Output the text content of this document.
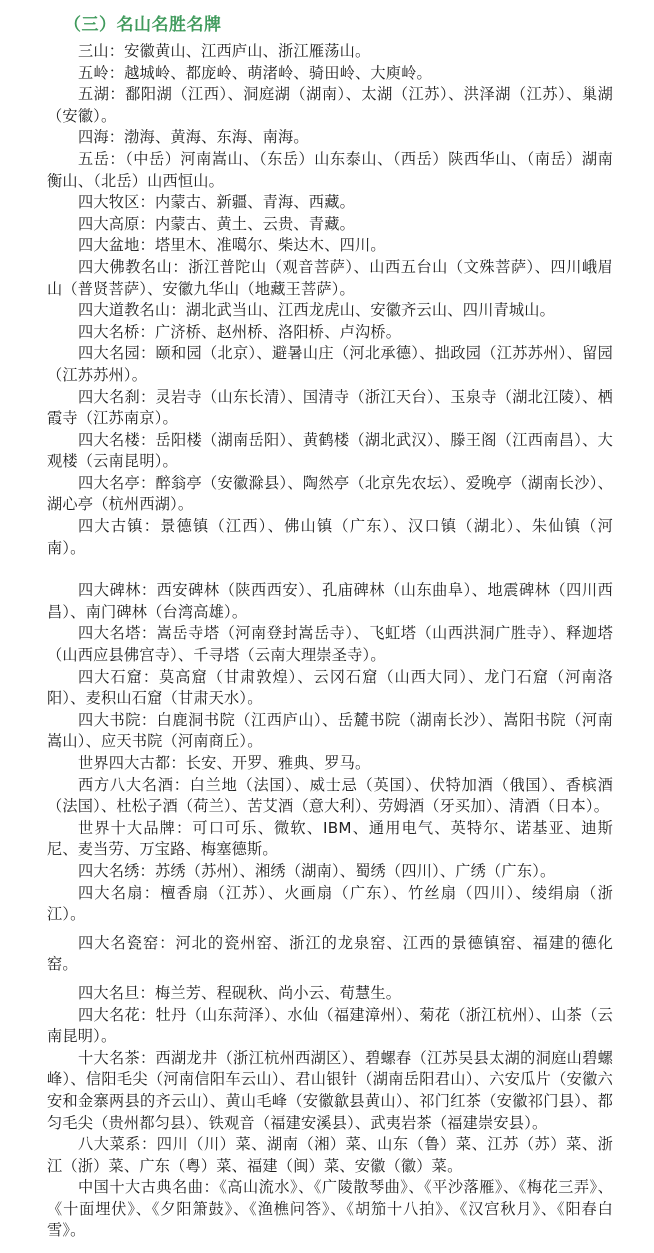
（三）名山名胜名牌

三山：安徽黄山、江西庐山、浙江雁荡山。

五岭：越城岭、都庞岭、萌渚岭、骑田岭、大庾岭。

五湖：鄱阳湖（江西）、洞庭湖（湖南）、太湖（江苏）、洪泽湖（江苏）、巢湖（安徽）。

四海：渤海、黄海、东海、南海。

五岳：（中岳）河南嵩山、（东岳）山东泰山、（西岳）陕西华山、（南岳）湖南衡山、（北岳）山西恒山。

四大牧区：内蒙古、新疆、青海、西藏。

四大高原：内蒙古、黄土、云贵、青藏。

四大盆地：塔里木、准噶尔、柴达木、四川。

四大佛教名山：浙江普陀山（观音菩萨）、山西五台山（文殊菩萨）、四川峨眉山（普贤菩萨）、安徽九华山（地藏王菩萨）。

四大道教名山：湖北武当山、江西龙虎山、安徽齐云山、四川青城山。

四大名桥：广济桥、赵州桥、洛阳桥、卢沟桥。

四大名园：颐和园（北京）、避暑山庄（河北承德）、拙政园（江苏苏州）、留园（江苏苏州）。

四大名刹：灵岩寺（山东长清）、国清寺（浙江天台）、玉泉寺（湖北江陵）、栖霞寺（江苏南京）。

四大名楼：岳阳楼（湖南岳阳）、黄鹤楼（湖北武汉）、滕王阁（江西南昌）、大观楼（云南昆明）。

四大名亭：醉翁亭（安徽滁县）、陶然亭（北京先农坛）、爱晚亭（湖南长沙）、湖心亭（杭州西湖）。

四大古镇：景德镇（江西）、佛山镇（广东）、汉口镇（湖北）、朱仙镇（河南）。

四大碑林：西安碑林（陕西西安）、孔庙碑林（山东曲阜）、地震碑林（四川西昌）、南门碑林（台湾高雄）。

四大名塔：嵩岳寺塔（河南登封嵩岳寺）、飞虹塔（山西洪洞广胜寺）、释迦塔（山西应县佛宫寺）、千寻塔（云南大理崇圣寺）。

四大石窟：莫高窟（甘肃敦煌）、云冈石窟（山西大同）、龙门石窟（河南洛阳）、麦积山石窟（甘肃天水）。

四大书院：白鹿洞书院（江西庐山）、岳麓书院（湖南长沙）、嵩阳书院（河南嵩山）、应天书院（河南商丘）。

世界四大古都：长安、开罗、雅典、罗马。

西方八大名酒：白兰地（法国）、威士忌（英国）、伏特加酒（俄国）、香槟酒（法国）、杜松子酒（荷兰）、苦艾酒（意大利）、劳姆酒（牙买加）、清酒（日本）。

世界十大品牌：可口可乐、微软、IBM、通用电气、英特尔、诺基亚、迪斯尼、麦当劳、万宝路、梅塞德斯。

四大名绣：苏绣（苏州）、湘绣（湖南）、蜀绣（四川）、广绣（广东）。

四大名扇：檀香扇（江苏）、火画扇（广东）、竹丝扇（四川）、绫绢扇（浙江）。

四大名瓷窑：河北的瓷州窑、浙江的龙泉窑、江西的景德镇窑、福建的德化窑。

四大名旦：梅兰芳、程砚秋、尚小云、荀慧生。

四大名花：牡丹（山东菏泽）、水仙（福建漳州）、菊花（浙江杭州）、山茶（云南昆明）。

十大名茶：西湖龙井（浙江杭州西湖区）、碧螺春（江苏吴县太湖的洞庭山碧螺峰）、信阳毛尖（河南信阳车云山）、君山银针（湖南岳阳君山）、六安瓜片（安徽六安和金寨两县的齐云山）、黄山毛峰（安徽歙县黄山）、祁门红茶（安徽祁门县）、都匀毛尖（贵州都匀县）、铁观音（福建安溪县）、武夷岩茶（福建崇安县）。

八大菜系：四川（川）菜、湖南（湘）菜、山东（鲁）菜、江苏（苏）菜、浙江（浙）菜、广东（粤）菜、福建（闽）菜、安徽（徽）菜。

中国十大古典名曲：《高山流水》、《广陵散琴曲》、《平沙落雁》、《梅花三弄》、《十面埋伏》、《夕阳箫鼓》、《渔樵问答》、《胡笳十八拍》、《汉宫秋月》、《阳春白雪》。
